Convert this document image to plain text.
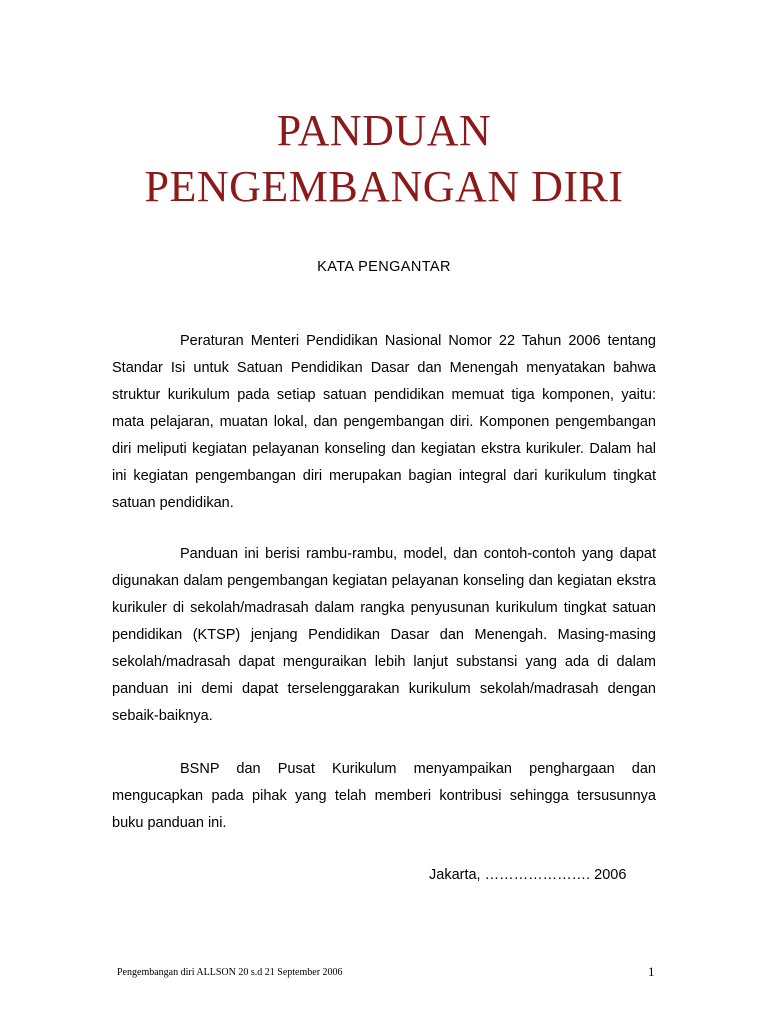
PANDUAN
PENGEMBANGAN DIRI
KATA PENGANTAR

Peraturan Menteri Pendidikan Nasional Nomor 22 Tahun 2006 tentang Standar Isi untuk Satuan Pendidikan Dasar dan Menengah menyatakan bahwa struktur kurikulum pada setiap satuan pendidikan memuat tiga komponen, yaitu: mata pelajaran, muatan lokal, dan pengembangan diri. Komponen pengembangan diri meliputi kegiatan pelayanan konseling dan kegiatan ekstra kurikuler. Dalam hal ini kegiatan pengembangan diri merupakan bagian integral dari kurikulum tingkat satuan pendidikan.

Panduan ini berisi rambu-rambu, model, dan contoh-contoh yang dapat digunakan dalam pengembangan kegiatan pelayanan konseling dan kegiatan ekstra kurikuler di sekolah/madrasah dalam rangka penyusunan kurikulum tingkat satuan pendidikan (KTSP) jenjang Pendidikan Dasar dan Menengah. Masing-masing sekolah/madrasah dapat menguraikan lebih lanjut substansi yang ada di dalam panduan ini demi dapat terselenggarakan kurikulum sekolah/madrasah dengan sebaik-baiknya.

BSNP dan Pusat Kurikulum menyampaikan penghargaan dan mengucapkan pada pihak yang telah memberi kontribusi sehingga tersusunnya buku panduan ini.

Jakarta, …………………. 2006
Pengembangan diri ALLSON 20 s.d 21 September 2006	1
